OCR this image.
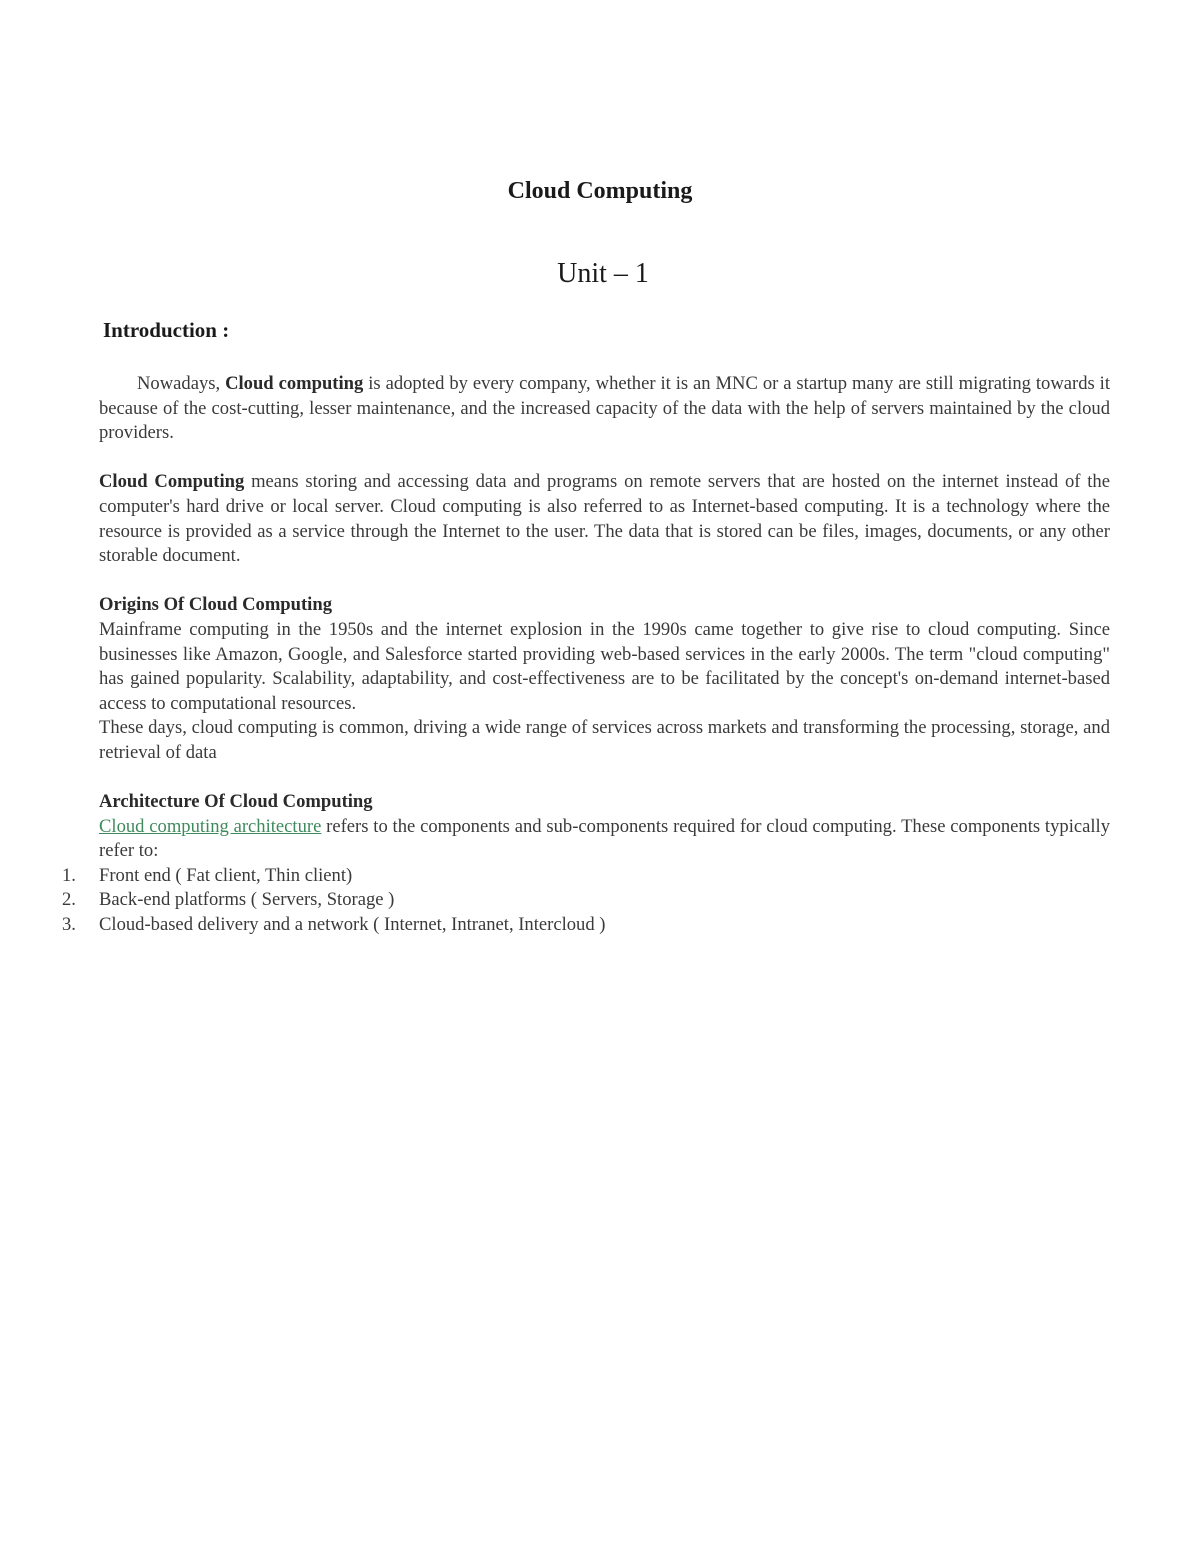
Cloud Computing
Unit – 1
Introduction :

Nowadays, Cloud computing is adopted by every company, whether it is an MNC or a startup many are still migrating towards it because of the cost-cutting, lesser maintenance, and the increased capacity of the data with the help of servers maintained by the cloud providers.

Cloud Computing means storing and accessing data and programs on remote servers that are hosted on the internet instead of the computer's hard drive or local server. Cloud computing is also referred to as Internet-based computing. It is a technology where the resource is provided as a service through the Internet to the user. The data that is stored can be files, images, documents, or any other storable document.

Origins Of Cloud Computing

Mainframe computing in the 1950s and the internet explosion in the 1990s came together to give rise to cloud computing. Since businesses like Amazon, Google, and Salesforce started providing web-based services in the early 2000s. The term "cloud computing" has gained popularity. Scalability, adaptability, and cost-effectiveness are to be facilitated by the concept's on-demand internet-based access to computational resources.

These days, cloud computing is common, driving a wide range of services across markets and transforming the processing, storage, and retrieval of data

Architecture Of Cloud Computing

Cloud computing architecture refers to the components and sub-components required for cloud computing. These components typically refer to:

1.	Front end ( Fat client, Thin client)
2.	Back-end platforms ( Servers, Storage )
3.	Cloud-based delivery and a network ( Internet, Intranet, Intercloud )
